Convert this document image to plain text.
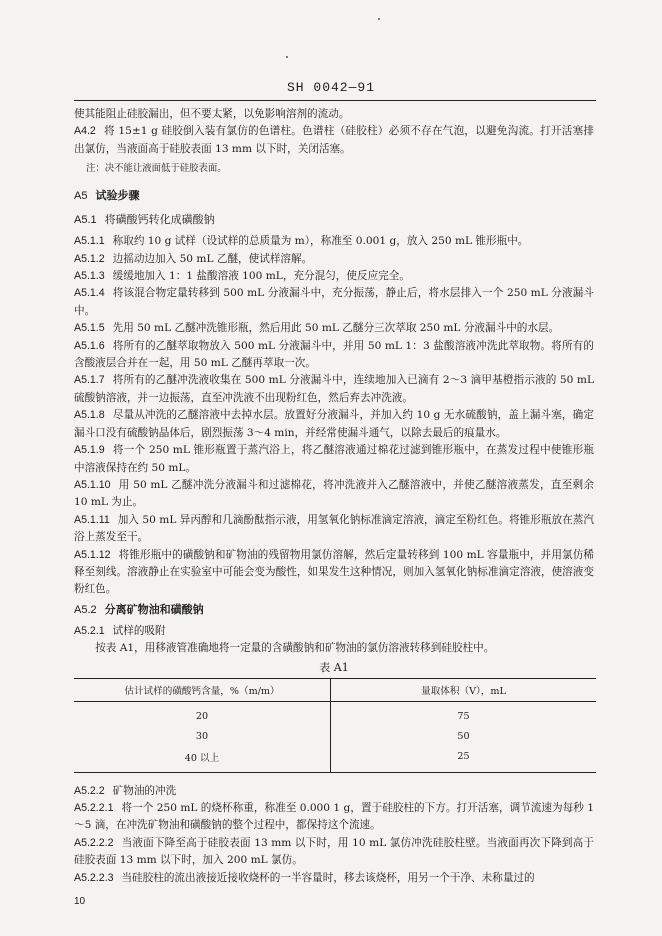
SH 0042—91

使其能阻止硅胶漏出，但不要太紧，以免影响溶剂的流动。

A4.2 将 15±1 g 硅胶倒入装有氯仿的色谱柱。色谱柱（硅胶柱）必须不存在气泡，以避免沟流。打开活塞排出氯仿，当液面高于硅胶表面 13 mm 以下时，关闭活塞。

注：决不能让液面低于硅胶表面。

A5 试验步骤
A5.1 将磺酸钙转化成磺酸钠

A5.1.1 称取约 10 g 试样（设试样的总质量为 m），称准至 0.001 g，放入 250 mL 锥形瓶中。

A5.1.2 边摇动边加入 50 mL 乙醚，使试样溶解。

A5.1.3 缓缓地加入 1：1 盐酸溶液 100 mL，充分混匀，使反应完全。

A5.1.4 将该混合物定量转移到 500 mL 分液漏斗中，充分振荡，静止后，将水层排入一个 250 mL 分液漏斗中。

A5.1.5 先用 50 mL 乙醚冲洗锥形瓶，然后用此 50 mL 乙醚分三次萃取 250 mL 分液漏斗中的水层。

A5.1.6 将所有的乙醚萃取物放入 500 mL 分液漏斗中，并用 50 mL 1：3 盐酸溶液冲洗此萃取物。将所有的含酸液层合并在一起，用 50 mL 乙醚再萃取一次。

A5.1.7 将所有的乙醚冲洗液收集在 500 mL 分液漏斗中，连续地加入已滴有 2～3 滴甲基橙指示液的 50 mL 硫酸钠溶液，并一边振荡，直至冲洗液不出现粉红色，然后弃去冲洗液。

A5.1.8 尽量从冲洗的乙醚溶液中去掉水层。放置好分液漏斗，并加入约 10 g 无水硫酸钠，盖上漏斗塞，确定漏斗口没有硫酸钠晶体后，剧烈振荡 3～4 min，并经常使漏斗通气，以除去最后的痕量水。

A5.1.9 将一个 250 mL 锥形瓶置于蒸汽浴上，将乙醚溶液通过棉花过滤到锥形瓶中，在蒸发过程中使锥形瓶中溶液保持在约 50 mL。

A5.1.10 用 50 mL 乙醚冲洗分液漏斗和过滤棉花，将冲洗液并入乙醚溶液中，并使乙醚溶液蒸发，直至剩余 10 mL 为止。

A5.1.11 加入 50 mL 异丙醇和几滴酚酞指示液，用氢氧化钠标准滴定溶液，滴定至粉红色。将锥形瓶放在蒸汽浴上蒸发至干。

A5.1.12 将锥形瓶中的磺酸钠和矿物油的残留物用氯仿溶解，然后定量转移到 100 mL 容量瓶中，并用氯仿稀释至刻线。溶液静止在实验室中可能会变为酸性，如果发生这种情况，则加入氢氧化钠标准滴定溶液，使溶液变粉红色。

A5.2 分离矿物油和磺酸钠

A5.2.1 试样的吸附

按表 A1，用移液管准确地将一定量的含磺酸钠和矿物油的氯仿溶液转移到硅胶柱中。

表 A1
估计试样的磺酸钙含量，%（m/m）	量取体积（V），mL
20	75
30	50
40 以上	25

A5.2.2 矿物油的冲洗

A5.2.2.1 将一个 250 mL 的烧杯称重，称准至 0.000 1 g，置于硅胶柱的下方。打开活塞，调节流速为每秒 1～5 滴，在冲洗矿物油和磺酸钠的整个过程中，都保持这个流速。

A5.2.2.2 当液面下降至高于硅胶表面 13 mm 以下时，用 10 mL 氯仿冲洗硅胶柱壁。当液面再次下降到高于硅胶表面 13 mm 以下时，加入 200 mL 氯仿。

A5.2.2.3 当硅胶柱的流出液接近接收烧杯的一半容量时，移去该烧杯，用另一个干净、未称量过的

10
